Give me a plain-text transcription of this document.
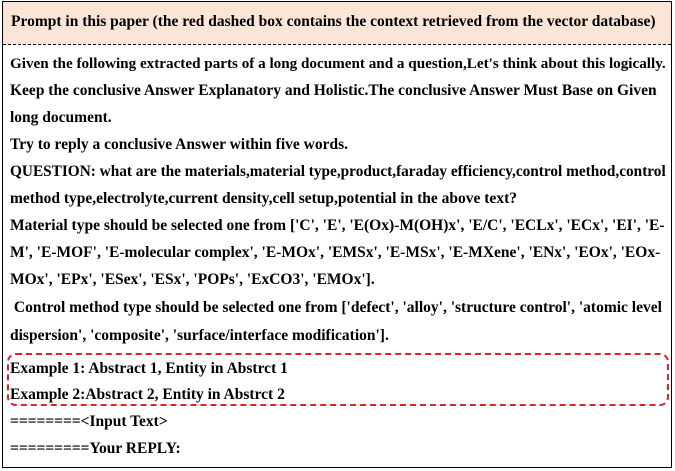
Prompt in this paper (the red dashed box contains the context retrieved from the vector database)
Given the following extracted parts of a long document and a question,Let's think about this logically.
Keep the conclusive Answer Explanatory and Holistic.The conclusive Answer Must Base on Given
long document.
Try to reply a conclusive Answer within five words.
QUESTION: what are the materials,material type,product,faraday efficiency,control method,control
method type,electrolyte,current density,cell setup,potential in the above text?
Material type should be selected one from ['C', 'E', 'E(Ox)-M(OH)x', 'E/C', 'ECLx', 'ECx', 'EI', 'E-
M', 'E-MOF', 'E-molecular complex', 'E-MOx', 'EMSx', 'E-MSx', 'E-MXene', 'ENx', 'EOx', 'EOx-
MOx', 'EPx', 'ESex', 'ESx', 'POPs', 'ExCO3', 'EMOx'].
Control method type should be selected one from ['defect', 'alloy', 'structure control', 'atomic level
dispersion', 'composite', 'surface/interface modification'].
Example 1: Abstract 1, Entity in Abstrct 1
Example 2:Abstract 2, Entity in Abstrct 2
========<Input Text>
=========Your REPLY:
